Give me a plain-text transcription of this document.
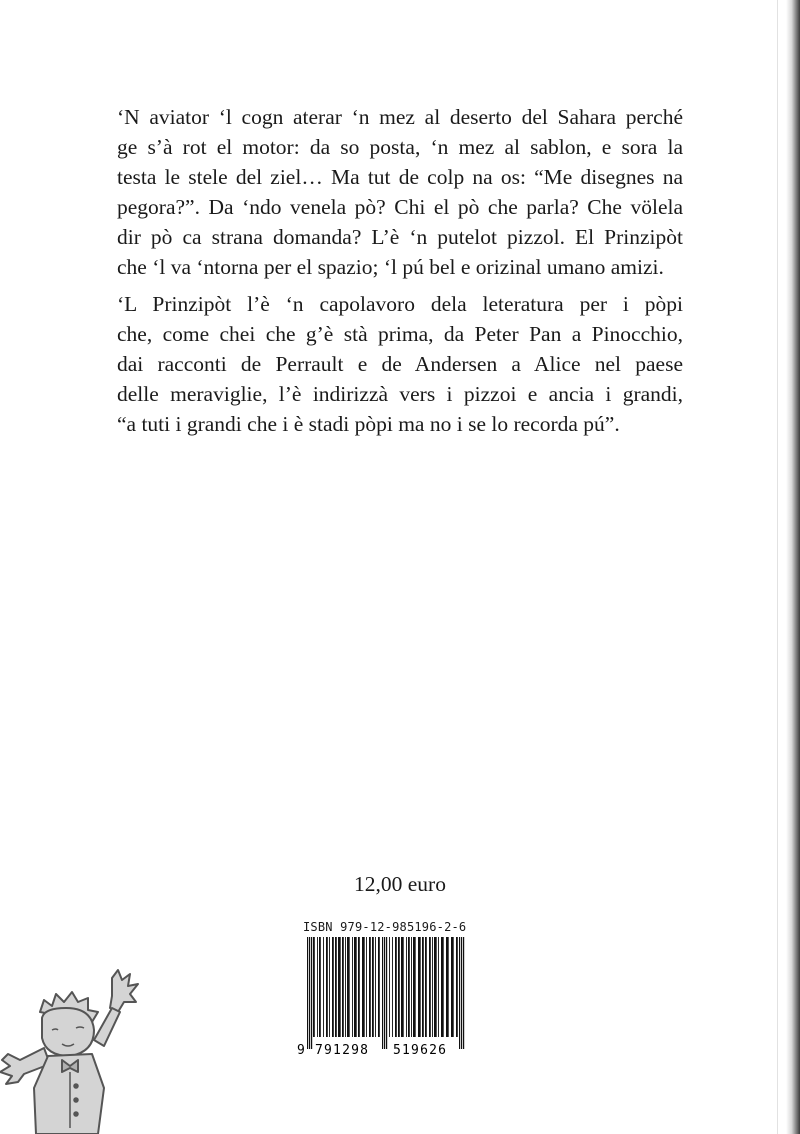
‘N aviator ‘l cogn aterar ‘n mez al deserto del Sahara perché
ge s’à rot el motor: da so posta, ‘n mez al sablon, e sora la
testa le stele del ziel… Ma tut de colp na os: “Me disegnes na
pegora?”. Da ‘ndo venela pò? Chi el pò che parla? Che völela
dir pò ca strana domanda? L’è ‘n putelot pizzol. El Prinzipòt
che ‘l va ‘ntorna per el spazio; ‘l pú bel e orizinal umano amizi.
‘L Prinzipòt l’è ‘n capolavoro dela leteratura per i pòpi
che, come chei che g’è stà prima, da Peter Pan a Pinocchio,
dai racconti de Perrault e de Andersen a Alice nel paese
delle meraviglie, l’è indirizzà vers i pizzoi e ancia i grandi,
“a tuti i grandi che i è stadi pòpi ma no i se lo recorda pú”.
12,00 euro
ISBN 979-12-985196-2-6
9 791298 519626
